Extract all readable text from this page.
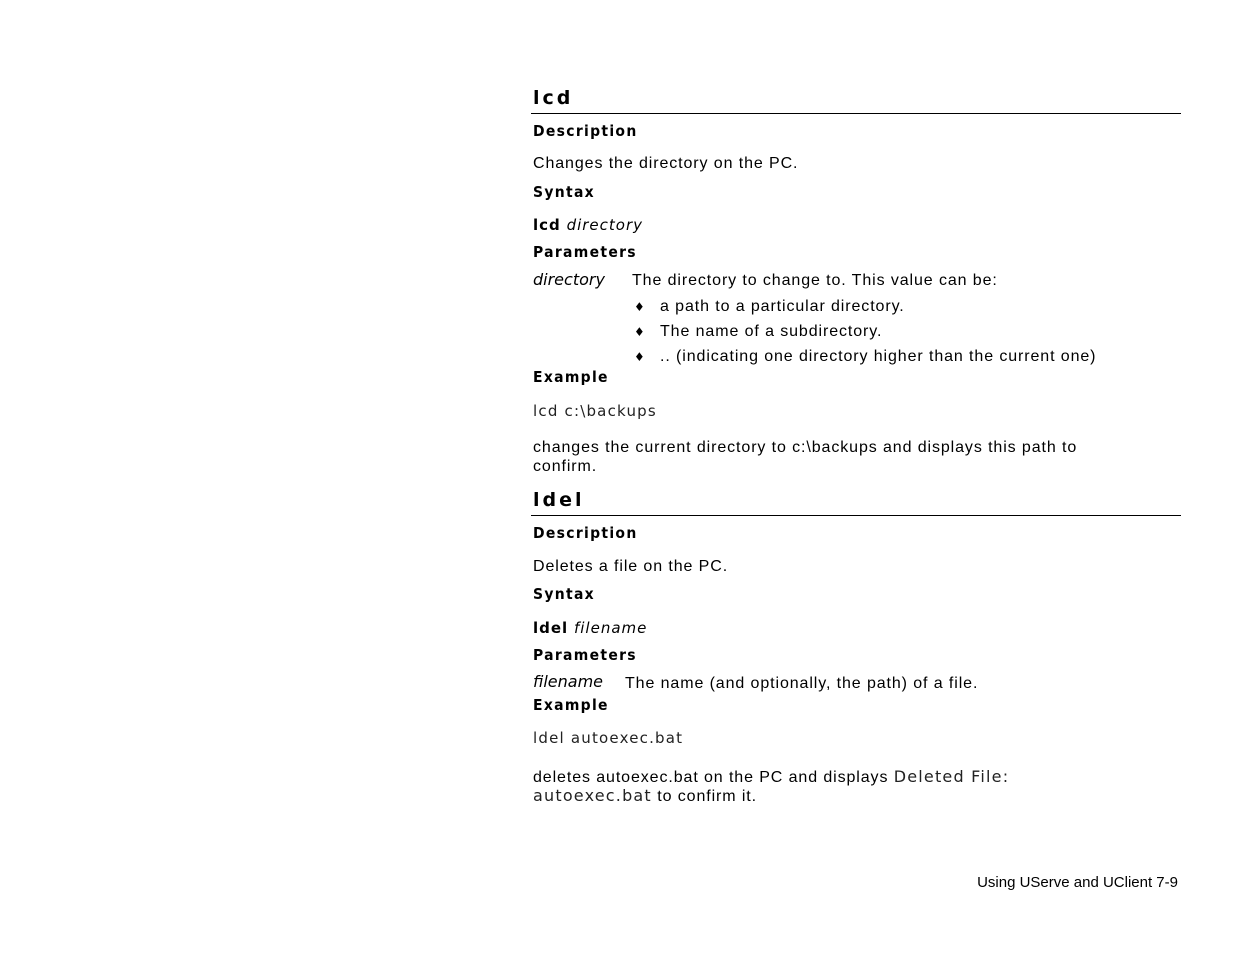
lcd
Description
Changes the directory on the PC.
Syntax
lcd directory
Parameters
directory The directory to change to. This value can be:
♦ a path to a particular directory.
♦ The name of a subdirectory.
♦ .. (indicating one directory higher than the current one)
Example
lcd c:\backups
changes the current directory to c:\backups and displays this path to
confirm.
ldel
Description
Deletes a file on the PC.
Syntax
ldel filename
Parameters
filename The name (and optionally, the path) of a file.
Example
ldel autoexec.bat
deletes autoexec.bat on the PC and displays Deleted File:
autoexec.bat to confirm it.
Using UServe and UClient 7-9
